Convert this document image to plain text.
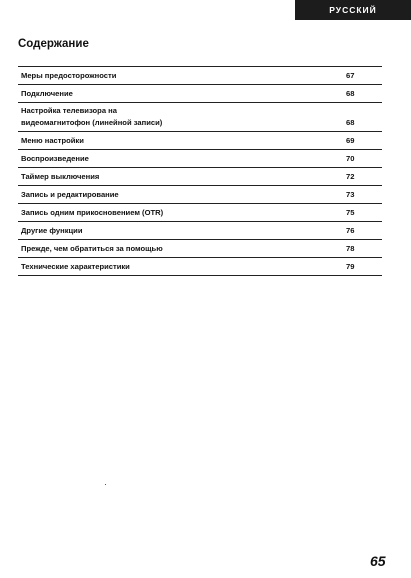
РУССКИЙ
Содержание
Меры предосторожности	67
Подключение	68
Настройка телевизора на
видеомагнитофон (линейной записи)	68
Меню настройки	69
Воспроизведение	70
Таймер выключения	72
Запись и редактирование	73
Запись одним прикосновением (OTR)	75
Другие функции	76
Прежде, чем обратиться за помощью	78
Технические характеристики	79
65
